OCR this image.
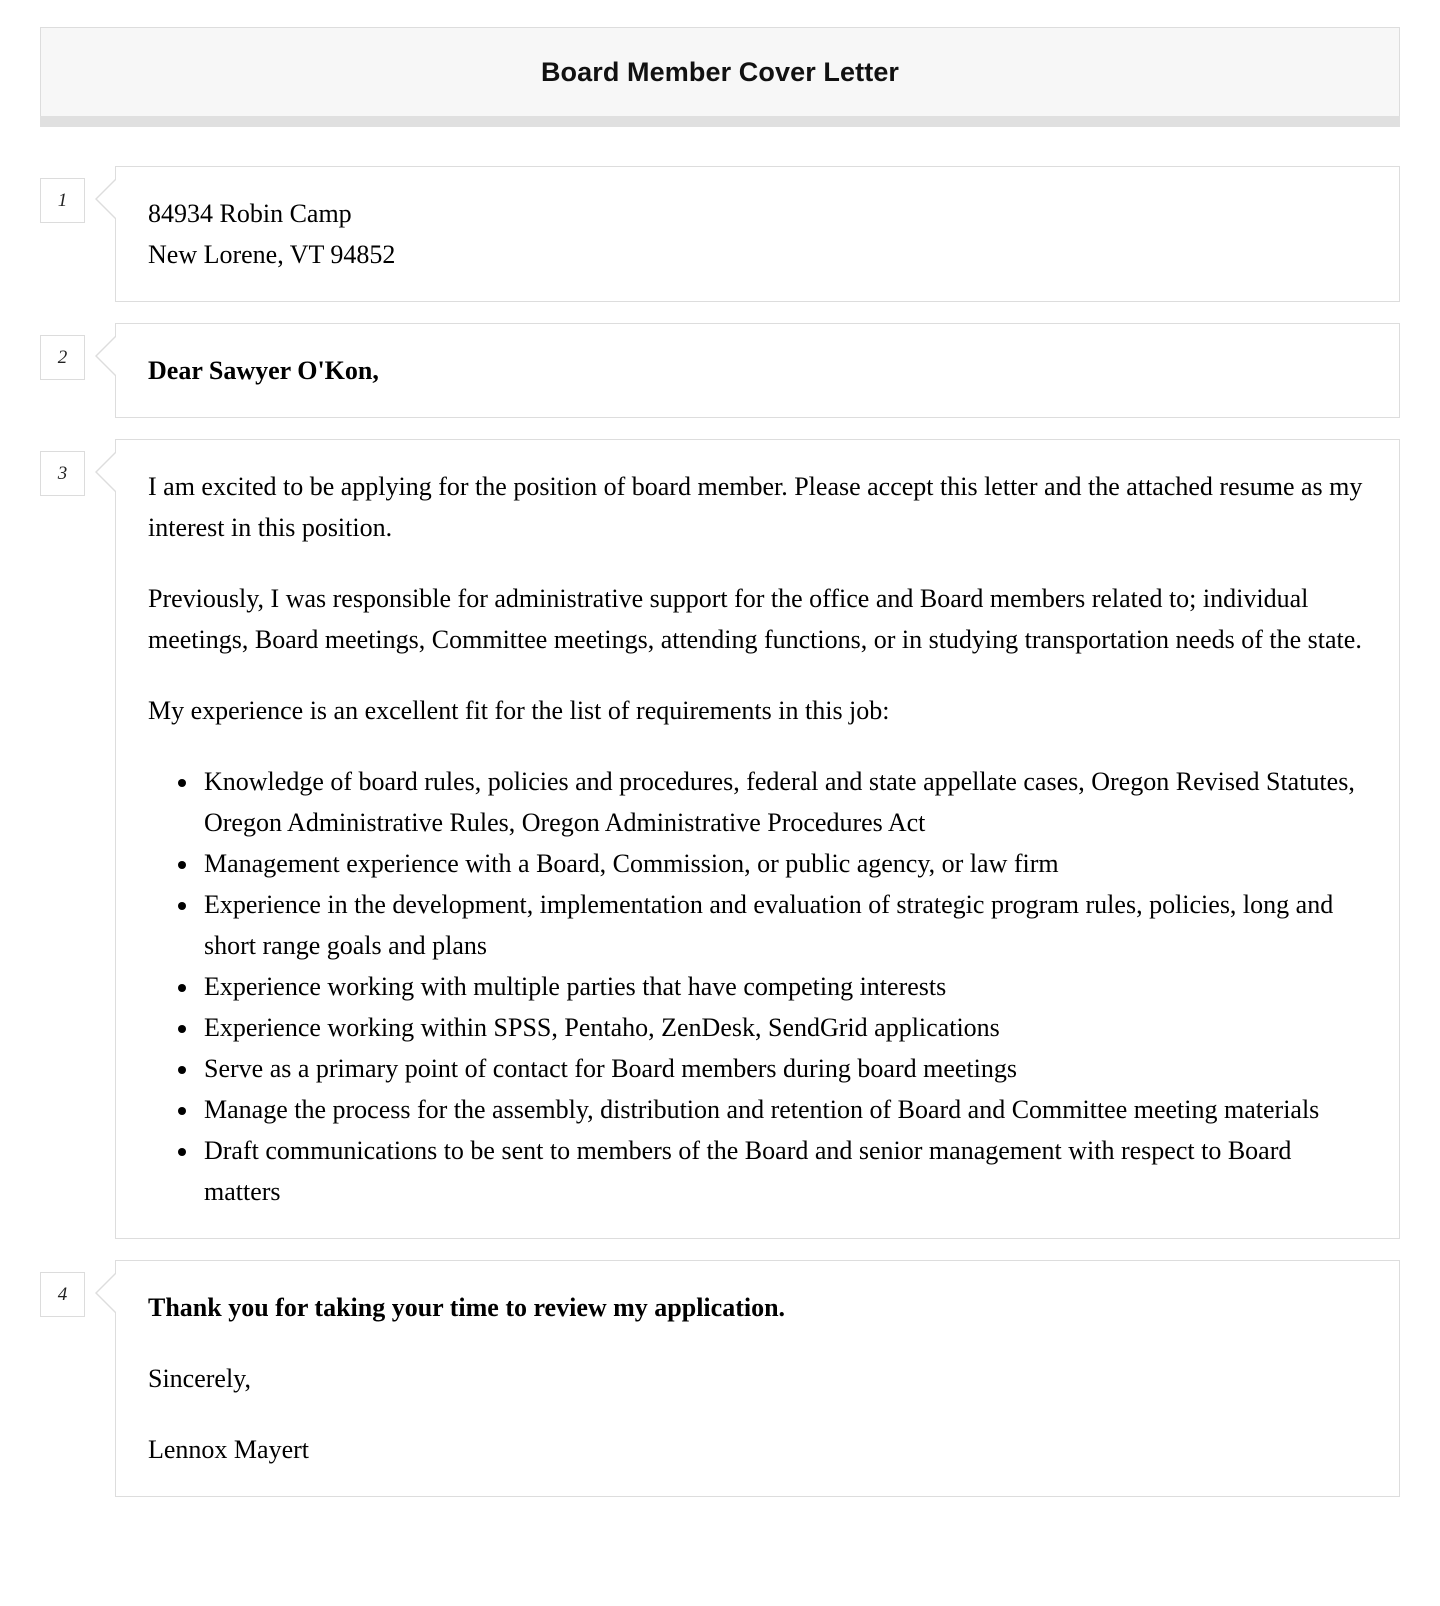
Board Member Cover Letter
1	84934 Robin Camp
New Lorene, VT 94852

2	Dear Sawyer O'Kon,

3	I am excited to be applying for the position of board member. Please accept this letter and the attached resume as my interest in this position.

Previously, I was responsible for administrative support for the office and Board members related to; individual meetings, Board meetings, Committee meetings, attending functions, or in studying transportation needs of the state.

My experience is an excellent fit for the list of requirements in this job:

• Knowledge of board rules, policies and procedures, federal and state appellate cases, Oregon Revised Statutes, Oregon Administrative Rules, Oregon Administrative Procedures Act
• Management experience with a Board, Commission, or public agency, or law firm
• Experience in the development, implementation and evaluation of strategic program rules, policies, long and short range goals and plans
• Experience working with multiple parties that have competing interests
• Experience working within SPSS, Pentaho, ZenDesk, SendGrid applications
• Serve as a primary point of contact for Board members during board meetings
• Manage the process for the assembly, distribution and retention of Board and Committee meeting materials
• Draft communications to be sent to members of the Board and senior management with respect to Board matters
4	Thank you for taking your time to review my application.

Sincerely,

Lennox Mayert
